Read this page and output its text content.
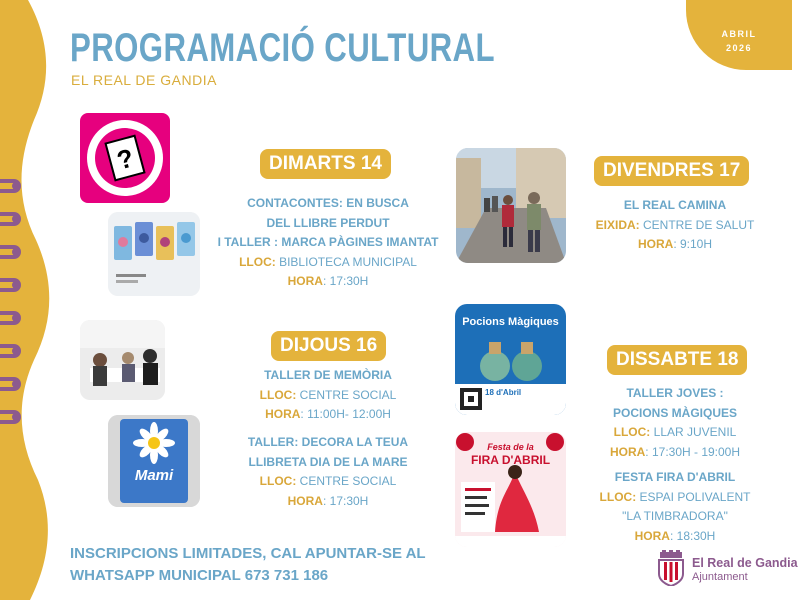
ABRIL
2026
PROGRAMACIÓ CULTURAL
EL REAL DE GANDIA
?
Mami
Pocions Màgiques
18 d'Abril
Festa de la
FIRA D'ABRIL
DIMARTS 14
CONTACONTES: EN BUSCA
DEL LLIBRE PERDUT
I TALLER : MARCA PÀGINES IMANTAT
LLOC: BIBLIOTECA MUNICIPAL
HORA: 17:30H
DIJOUS 16
TALLER DE MEMÒRIA
LLOC: CENTRE SOCIAL
HORA: 11:00H- 12:00H
TALLER: DECORA LA TEUA
LLIBRETA DIA DE LA MARE
LLOC: CENTRE SOCIAL
HORA: 17:30H
DIVENDRES 17
EL REAL CAMINA
EIXIDA: CENTRE DE SALUT
HORA: 9:10H
DISSABTE 18
TALLER JOVES :
POCIONS MÀGIQUES
LLOC: LLAR JUVENIL
HORA: 17:30H - 19:00H
FESTA FIRA D'ABRIL
LLOC: ESPAI POLIVALENT
"LA TIMBRADORA"
HORA: 18:30H
INSCRIPCIONS LIMITADES, CAL APUNTAR-SE AL
WHATSAPP MUNICIPAL 673 731 186
El Real de Gandia
Ajuntament
